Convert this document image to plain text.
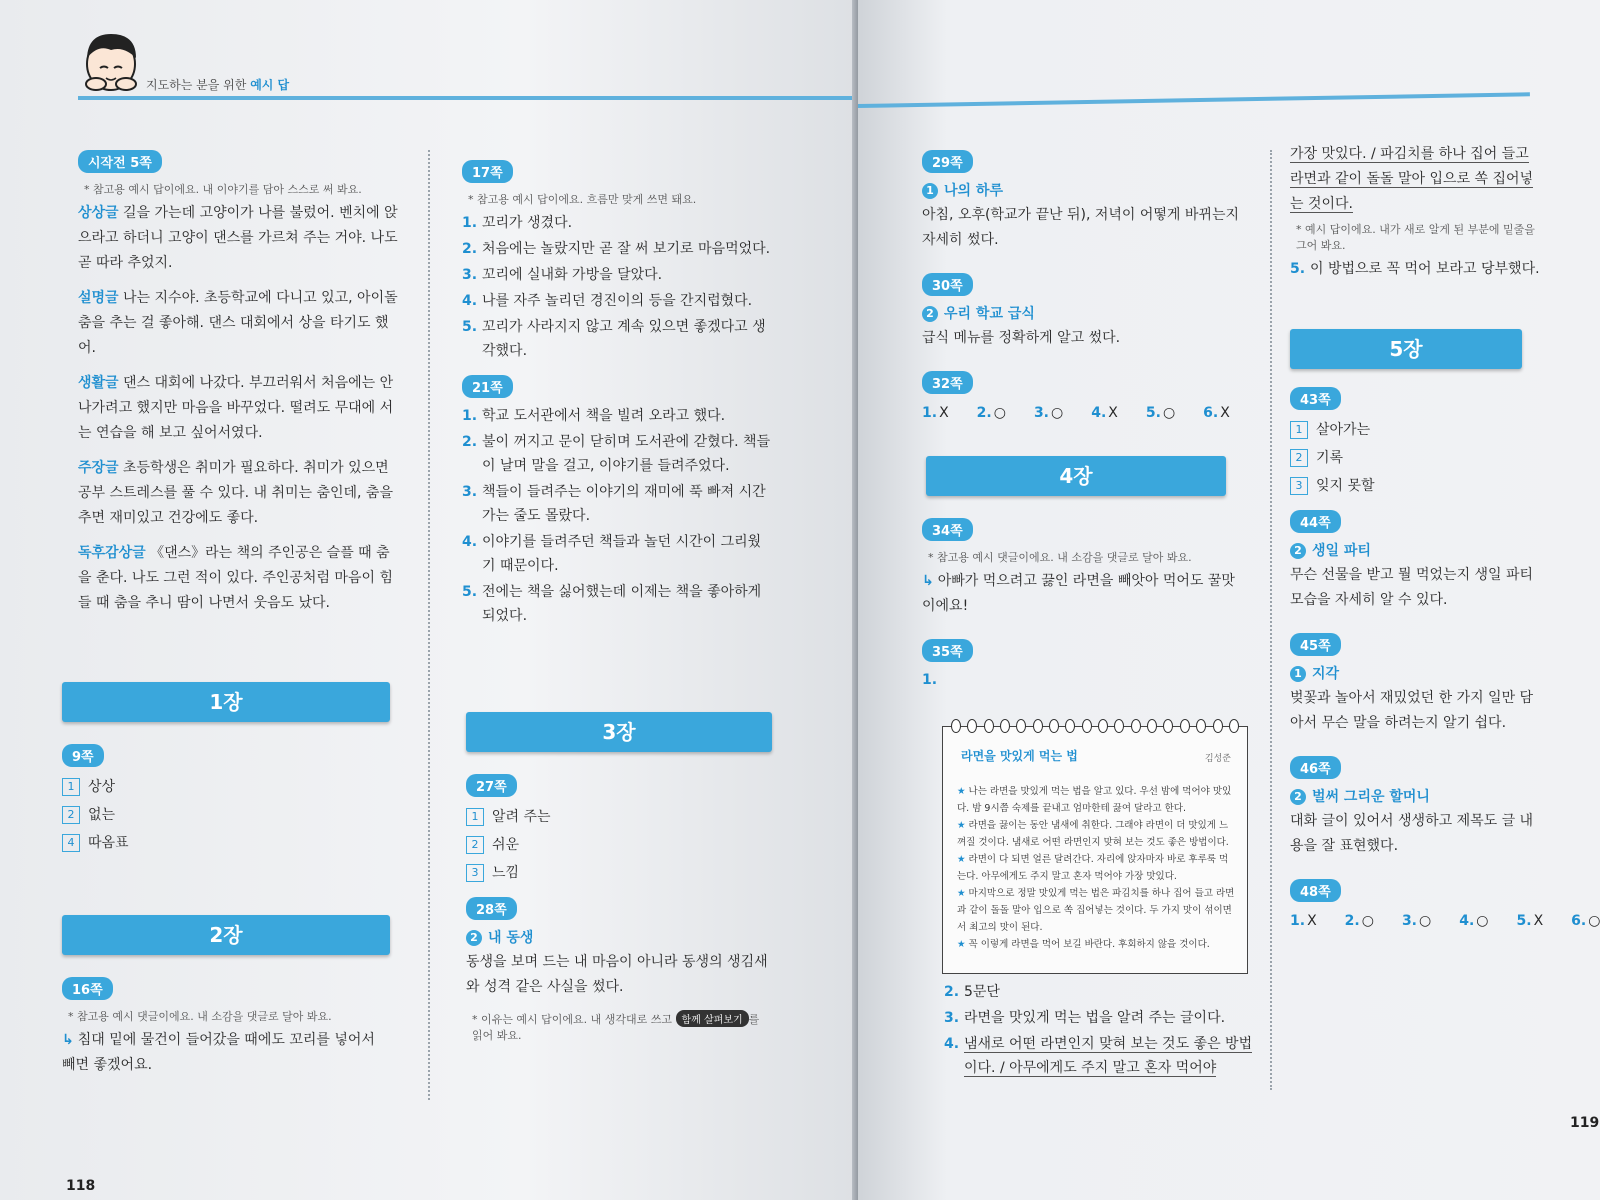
지도하는 분을 위한 예시 답
시작전 5쪽
* 참고용 예시 답이에요. 내 이야기를 담아 스스로 써 봐요.
상상글 길을 가는데 고양이가 나를 불렀어. 벤치에 앉으라고 하더니 고양이 댄스를 가르쳐 주는 거야. 나도 곧 따라 추었지.
설명글 나는 지수야. 초등학교에 다니고 있고, 아이돌 춤을 추는 걸 좋아해. 댄스 대회에서 상을 타기도 했어.
생활글 댄스 대회에 나갔다. 부끄러워서 처음에는 안 나가려고 했지만 마음을 바꾸었다. 떨려도 무대에 서는 연습을 해 보고 싶어서였다.
주장글 초등학생은 취미가 필요하다. 취미가 있으면 공부 스트레스를 풀 수 있다. 내 취미는 춤인데, 춤을 추면 재미있고 건강에도 좋다.
독후감상글 《댄스》라는 책의 주인공은 슬플 때 춤을 춘다. 나도 그런 적이 있다. 주인공처럼 마음이 힘들 때 춤을 추니 땀이 나면서 웃음도 났다.
1장
9쪽
1 상상
2 없는
4 따옴표
2장
16쪽
* 참고용 예시 댓글이에요. 내 소감을 댓글로 달아 봐요.
↳ 침대 밑에 물건이 들어갔을 때에도 꼬리를 넣어서 빼면 좋겠어요.
17쪽
* 참고용 예시 답이에요. 흐름만 맞게 쓰면 돼요.
1. 꼬리가 생겼다.
2. 처음에는 놀랐지만 곧 잘 써 보기로 마음먹었다.
3. 꼬리에 실내화 가방을 달았다.
4. 나를 자주 놀리던 경진이의 등을 간지럽혔다.
5. 꼬리가 사라지지 않고 계속 있으면 좋겠다고 생각했다.
21쪽
1. 학교 도서관에서 책을 빌려 오라고 했다.
2. 불이 꺼지고 문이 닫히며 도서관에 갇혔다. 책들이 날며 말을 걸고, 이야기를 들려주었다.
3. 책들이 들려주는 이야기의 재미에 푹 빠져 시간 가는 줄도 몰랐다.
4. 이야기를 들려주던 책들과 놀던 시간이 그리웠기 때문이다.
5. 전에는 책을 싫어했는데 이제는 책을 좋아하게 되었다.
3장
27쪽
1 알려 주는
2 쉬운
3 느낌
28쪽
2 내 동생
동생을 보며 드는 내 마음이 아니라 동생의 생김새와 성격 같은 사실을 썼다.
* 이유는 예시 답이에요. 내 생각대로 쓰고 함께 살펴보기 를 읽어 봐요.
118
29쪽
1 나의 하루
아침, 오후(학교가 끝난 뒤), 저녁이 어떻게 바뀌는지 자세히 썼다.
30쪽
2 우리 학교 급식
급식 메뉴를 정확하게 알고 썼다.
32쪽
1. X 2. ○ 3. ○ 4. X 5. ○ 6. X
4장
34쪽
* 참고용 예시 댓글이에요. 내 소감을 댓글로 달아 봐요.
↳ 아빠가 먹으려고 끓인 라면을 빼앗아 먹어도 꿀맛이에요!
35쪽
1.
라면을 맛있게 먹는 법	김성준
★ 나는 라면을 맛있게 먹는 법을 알고 있다. 우선 밤에 먹어야 맛있다. 밤 9시쯤 숙제를 끝내고 엄마한테 끓여 달라고 한다.
★ 라면을 끓이는 동안 냄새에 취한다. 그래야 라면이 더 맛있게 느껴질 것이다. 냄새로 어떤 라면인지 맞혀 보는 것도 좋은 방법이다.
★ 라면이 다 되면 얼른 달려간다. 자리에 앉자마자 바로 후루룩 먹는다. 아무에게도 주지 말고 혼자 먹어야 가장 맛있다.
★ 마지막으로 정말 맛있게 먹는 법은 파김치를 하나 집어 들고 라면과 같이 돌돌 말아 입으로 쏙 집어넣는 것이다. 두 가지 맛이 섞이면서 최고의 맛이 된다.
★ 꼭 이렇게 라면을 먹어 보길 바란다. 후회하지 않을 것이다.
2. 5문단
3. 라면을 맛있게 먹는 법을 알려 주는 글이다.
4. 냄새로 어떤 라면인지 맞혀 보는 것도 좋은 방법이다. / 아무에게도 주지 말고 혼자 먹어야
가장 맛있다. / 파김치를 하나 집어 들고 라면과 같이 돌돌 말아 입으로 쏙 집어넣는 것이다.
* 예시 답이에요. 내가 새로 알게 된 부분에 밑줄을 그어 봐요.
5. 이 방법으로 꼭 먹어 보라고 당부했다.
5장
43쪽
1 살아가는
2 기록
3 잊지 못할
44쪽
2 생일 파티
무슨 선물을 받고 뭘 먹었는지 생일 파티 모습을 자세히 알 수 있다.
45쪽
1 지각
벚꽃과 놀아서 재밌었던 한 가지 일만 담아서 무슨 말을 하려는지 알기 쉽다.
46쪽
2 벌써 그리운 할머니
대화 글이 있어서 생생하고 제목도 글 내용을 잘 표현했다.
48쪽
1. X 2. ○ 3. ○ 4. ○ 5. X 6. ○
119
